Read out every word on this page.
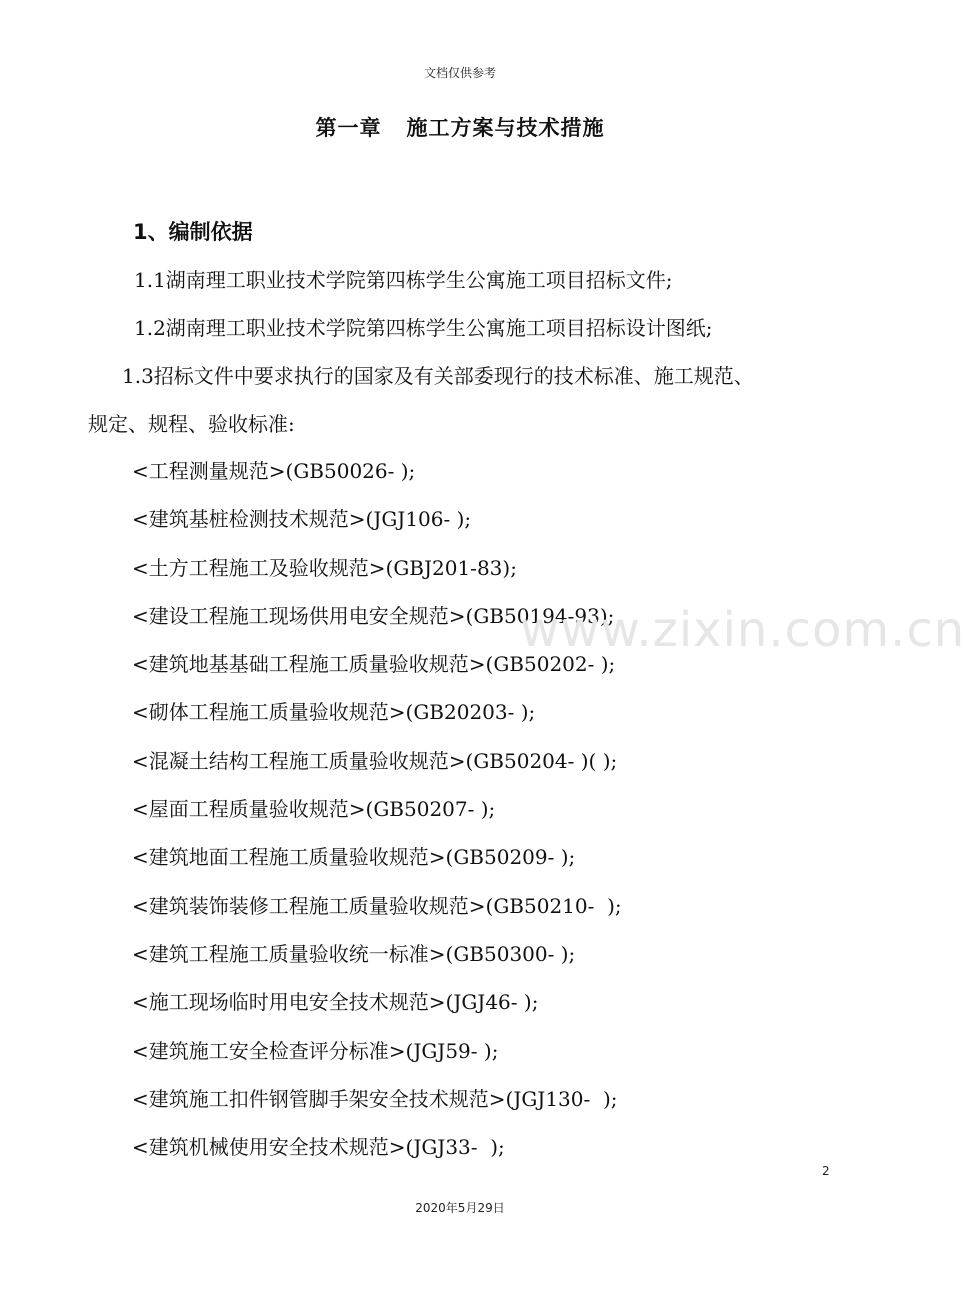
文档仅供参考
第一章   施工方案与技术措施
1、编制依据
1.1湖南理工职业技术学院第四栋学生公寓施工项目招标文件;
1.2湖南理工职业技术学院第四栋学生公寓施工项目招标设计图纸;
1.3招标文件中要求执行的国家及有关部委现行的技术标准、施工规范、
规定、规程、验收标准:
<工程测量规范>(GB50026- );
<建筑基桩检测技术规范>(JGJ106- );
<土方工程施工及验收规范>(GBJ201-83);
<建设工程施工现场供用电安全规范>(GB50194-93);
<建筑地基基础工程施工质量验收规范>(GB50202- );
<砌体工程施工质量验收规范>(GB20203- );
<混凝土结构工程施工质量验收规范>(GB50204- )( );
<屋面工程质量验收规范>(GB50207- );
<建筑地面工程施工质量验收规范>(GB50209- );
<建筑装饰装修工程施工质量验收规范>(GB50210-  );
<建筑工程施工质量验收统一标准>(GB50300- );
<施工现场临时用电安全技术规范>(JGJ46- );
<建筑施工安全检查评分标准>(JGJ59- );
<建筑施工扣件钢管脚手架安全技术规范>(JGJ130-  );
<建筑机械使用安全技术规范>(JGJ33-  );
www.zixin.com.cn
2
2020年5月29日
